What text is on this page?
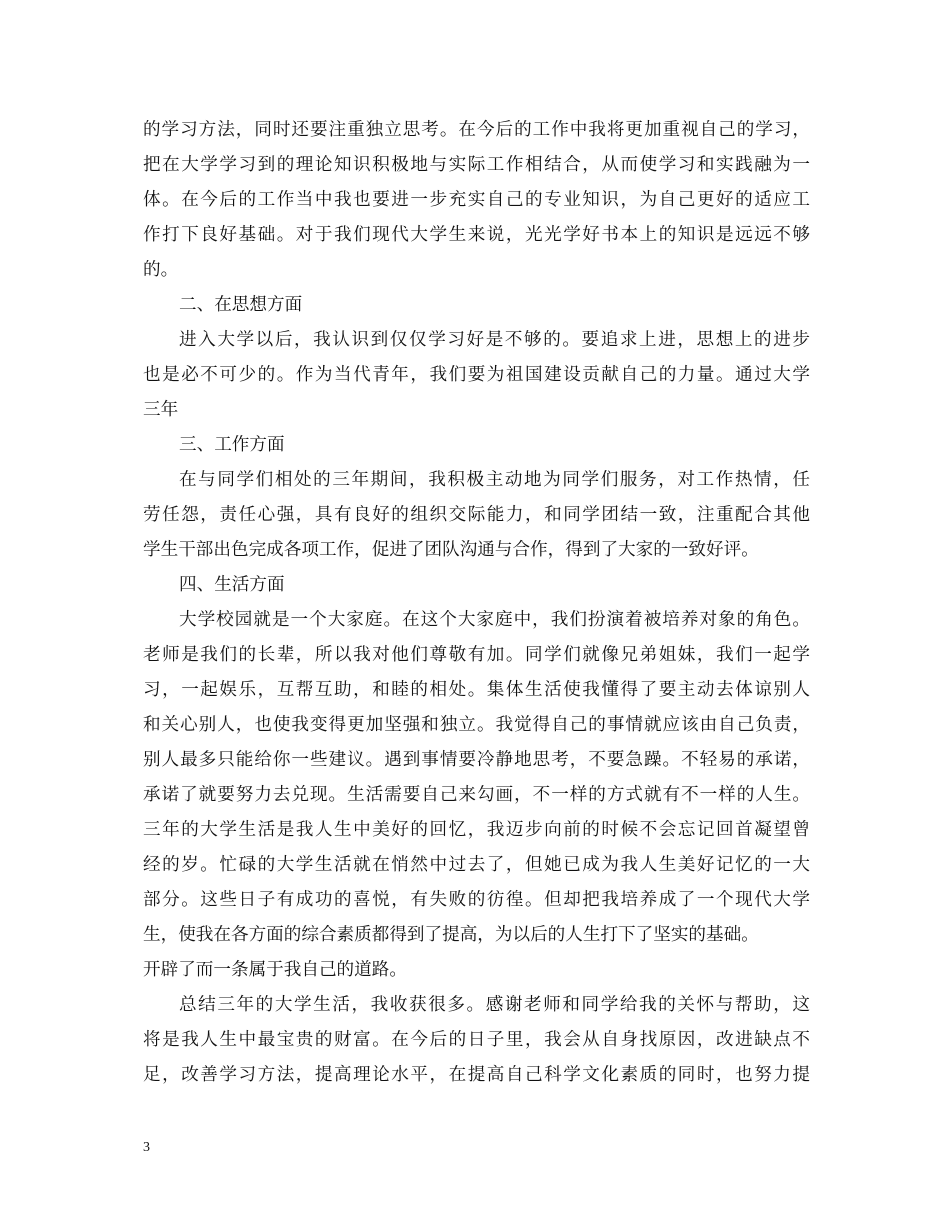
的学习方法，同时还要注重独立思考。在今后的工作中我将更加重视自己的学习，
把在大学学习到的理论知识积极地与实际工作相结合，从而使学习和实践融为一
体。在今后的工作当中我也要进一步充实自己的专业知识，为自己更好的适应工
作打下良好基础。对于我们现代大学生来说，光光学好书本上的知识是远远不够
的。
二、在思想方面
进入大学以后，我认识到仅仅学习好是不够的。要追求上进，思想上的进步
也是必不可少的。作为当代青年，我们要为祖国建设贡献自己的力量。通过大学
三年
三、工作方面
在与同学们相处的三年期间，我积极主动地为同学们服务，对工作热情，任
劳任怨，责任心强，具有良好的组织交际能力，和同学团结一致，注重配合其他
学生干部出色完成各项工作，促进了团队沟通与合作，得到了大家的一致好评。
四、生活方面
大学校园就是一个大家庭。在这个大家庭中，我们扮演着被培养对象的角色。
老师是我们的长辈，所以我对他们尊敬有加。同学们就像兄弟姐妹，我们一起学
习，一起娱乐，互帮互助，和睦的相处。集体生活使我懂得了要主动去体谅别人
和关心别人，也使我变得更加坚强和独立。我觉得自己的事情就应该由自己负责，
别人最多只能给你一些建议。遇到事情要冷静地思考，不要急躁。不轻易的承诺，
承诺了就要努力去兑现。生活需要自己来勾画，不一样的方式就有不一样的人生。
三年的大学生活是我人生中美好的回忆，我迈步向前的时候不会忘记回首凝望曾
经的岁。忙碌的大学生活就在悄然中过去了，但她已成为我人生美好记忆的一大
部分。这些日子有成功的喜悦，有失败的彷徨。但却把我培养成了一个现代大学
生，使我在各方面的综合素质都得到了提高，为以后的人生打下了坚实的基础。
开辟了而一条属于我自己的道路。
总结三年的大学生活，我收获很多。感谢老师和同学给我的关怀与帮助，这
将是我人生中最宝贵的财富。在今后的日子里，我会从自身找原因，改进缺点不
足，改善学习方法，提高理论水平，在提高自己科学文化素质的同时，也努力提
3
